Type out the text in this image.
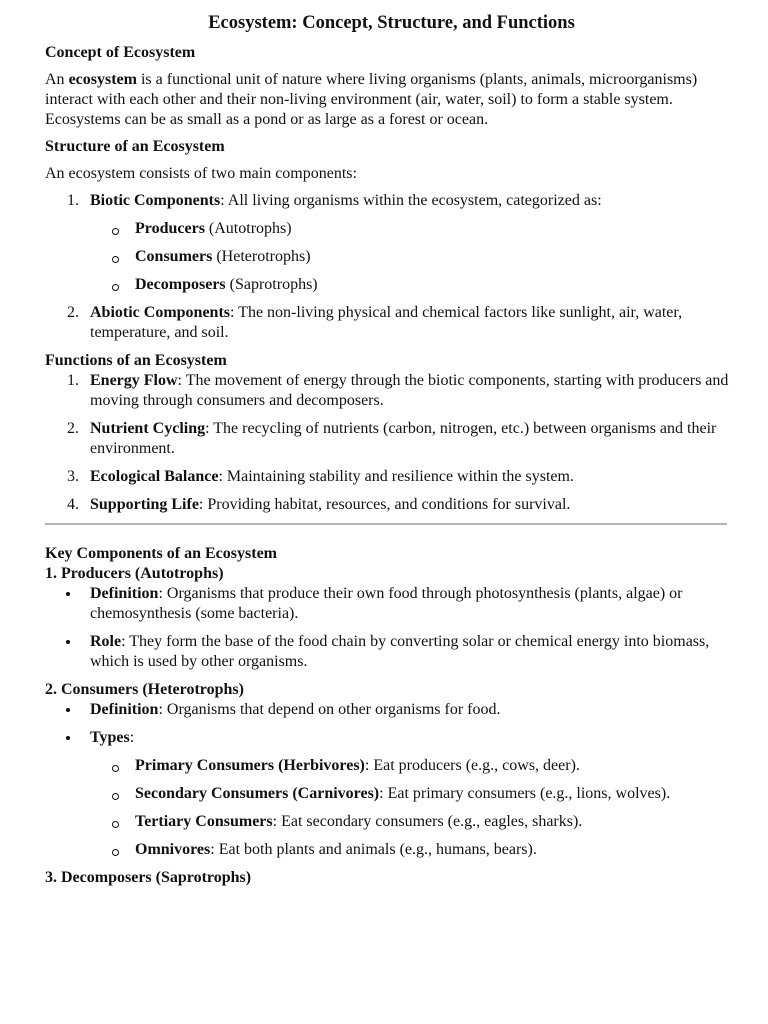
Ecosystem: Concept, Structure, and Functions
Concept of Ecosystem

An ecosystem is a functional unit of nature where living organisms (plants, animals, microorganisms) interact with each other and their non-living environment (air, water, soil) to form a stable system. Ecosystems can be as small as a pond or as large as a forest or ocean.

Structure of an Ecosystem

An ecosystem consists of two main components:

1. Biotic Components: All living organisms within the ecosystem, categorized as:
Producers (Autotrophs)
Consumers (Heterotrophs)
Decomposers (Saprotrophs)
2. Abiotic Components: The non-living physical and chemical factors like sunlight, air, water, temperature, and soil.
Functions of an Ecosystem
1. Energy Flow: The movement of energy through the biotic components, starting with producers and moving through consumers and decomposers.
2. Nutrient Cycling: The recycling of nutrients (carbon, nitrogen, etc.) between organisms and their environment.
3. Ecological Balance: Maintaining stability and resilience within the system.
4. Supporting Life: Providing habitat, resources, and conditions for survival.
Key Components of an Ecosystem
1. Producers (Autotrophs)
Definition: Organisms that produce their own food through photosynthesis (plants, algae) or chemosynthesis (some bacteria).
Role: They form the base of the food chain by converting solar or chemical energy into biomass, which is used by other organisms.
2. Consumers (Heterotrophs)
Definition: Organisms that depend on other organisms for food.
Types:
Primary Consumers (Herbivores): Eat producers (e.g., cows, deer).
Secondary Consumers (Carnivores): Eat primary consumers (e.g., lions, wolves).
Tertiary Consumers: Eat secondary consumers (e.g., eagles, sharks).
Omnivores: Eat both plants and animals (e.g., humans, bears).
3. Decomposers (Saprotrophs)
